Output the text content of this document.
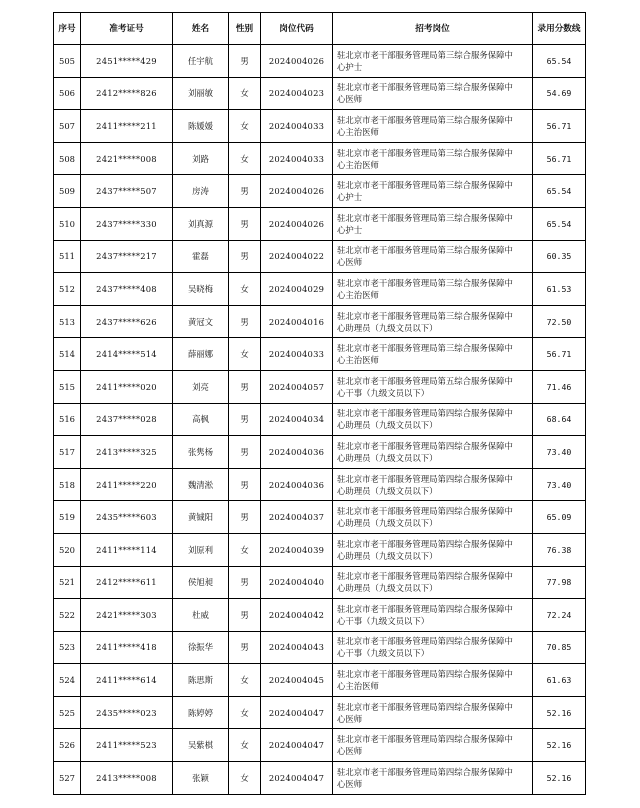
序号	准考证号	姓名	性别	岗位代码	招考岗位	录用分数线
505	2451*****429	任宇航	男	2024004026	驻北京市老干部服务管理局第三综合服务保障中心护士	65.54
506	2412*****826	刘丽敏	女	2024004023	驻北京市老干部服务管理局第三综合服务保障中心医师	54.69
507	2411*****211	陈媛媛	女	2024004033	驻北京市老干部服务管理局第三综合服务保障中心主治医师	56.71
508	2421*****008	刘路	女	2024004033	驻北京市老干部服务管理局第三综合服务保障中心主治医师	56.71
509	2437*****507	房涛	男	2024004026	驻北京市老干部服务管理局第三综合服务保障中心护士	65.54
510	2437*****330	刘真源	男	2024004026	驻北京市老干部服务管理局第三综合服务保障中心护士	65.54
511	2437*****217	霍磊	男	2024004022	驻北京市老干部服务管理局第三综合服务保障中心医师	60.35
512	2437*****408	吴晓梅	女	2024004029	驻北京市老干部服务管理局第三综合服务保障中心主治医师	61.53
513	2437*****626	黄冠文	男	2024004016	驻北京市老干部服务管理局第三综合服务保障中心助理员（九级文员以下）	72.50
514	2414*****514	薛丽娜	女	2024004033	驻北京市老干部服务管理局第三综合服务保障中心主治医师	56.71
515	2411*****020	刘亮	男	2024004057	驻北京市老干部服务管理局第五综合服务保障中心干事（九级文员以下）	71.46
516	2437*****028	高枫	男	2024004034	驻北京市老干部服务管理局第四综合服务保障中心助理员（九级文员以下）	68.64
517	2413*****325	张隽杨	男	2024004036	驻北京市老干部服务管理局第四综合服务保障中心助理员（九级文员以下）	73.40
518	2411*****220	魏清淞	男	2024004036	驻北京市老干部服务管理局第四综合服务保障中心助理员（九级文员以下）	73.40
519	2435*****603	黄铖阳	男	2024004037	驻北京市老干部服务管理局第四综合服务保障中心助理员（九级文员以下）	65.09
520	2411*****114	刘原利	女	2024004039	驻北京市老干部服务管理局第四综合服务保障中心助理员（九级文员以下）	76.38
521	2412*****611	侯旭昶	男	2024004040	驻北京市老干部服务管理局第四综合服务保障中心助理员（九级文员以下）	77.98
522	2421*****303	杜威	男	2024004042	驻北京市老干部服务管理局第四综合服务保障中心干事（九级文员以下）	72.24
523	2411*****418	徐振华	男	2024004043	驻北京市老干部服务管理局第四综合服务保障中心干事（九级文员以下）	70.85
524	2411*****614	陈思斯	女	2024004045	驻北京市老干部服务管理局第四综合服务保障中心主治医师	61.63
525	2435*****023	陈婷婷	女	2024004047	驻北京市老干部服务管理局第四综合服务保障中心医师	52.16
526	2411*****523	吴紫棋	女	2024004047	驻北京市老干部服务管理局第四综合服务保障中心医师	52.16
527	2413*****008	张颖	女	2024004047	驻北京市老干部服务管理局第四综合服务保障中心医师	52.16
